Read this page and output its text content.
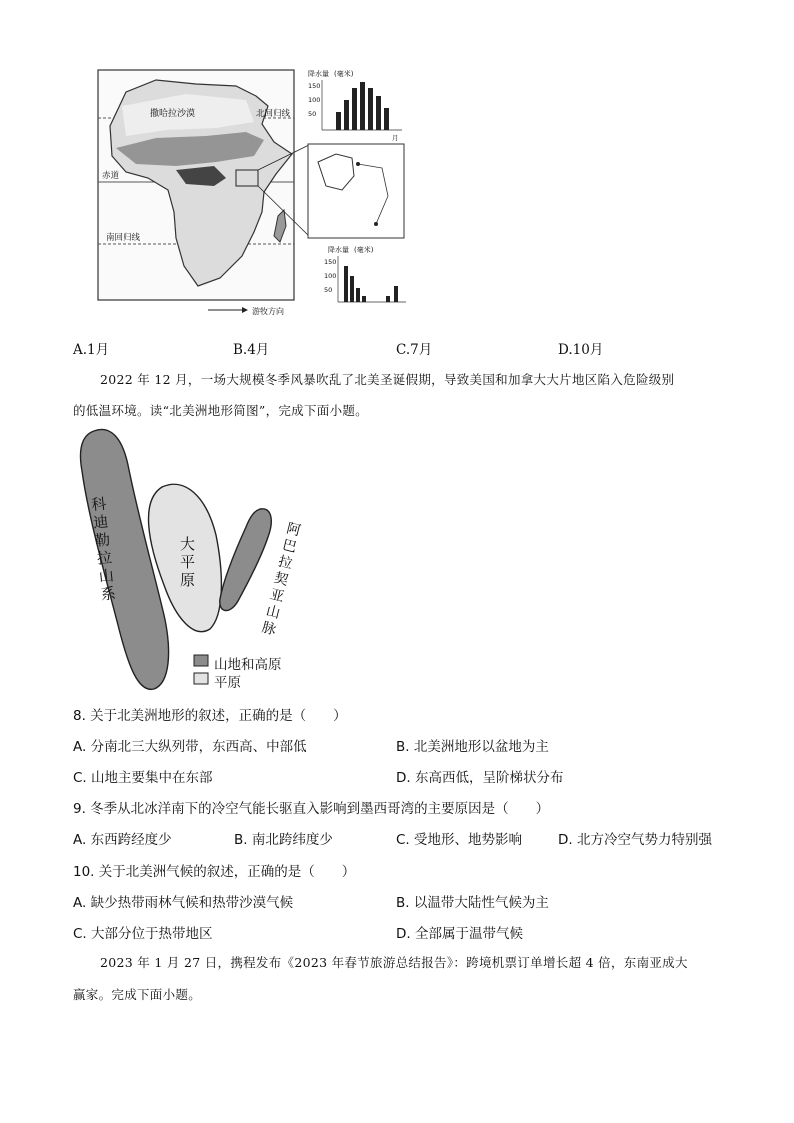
撒哈拉沙漠	北回归线
赤道
南回归线
降水量 (毫米)
150
100
50
月
降水量 (毫米)
150
100
50
游牧方向
A.1月	B.4月	C.7月	D.10月
2022 年 12 月，一场大规模冬季风暴吹乱了北美圣诞假期，导致美国和加拿大大片地区陷入危险级别
的低温环境。读“北美洲地形简图”，完成下面小题。
科迪勒拉山系
大平原
阿巴拉契亚山脉
山地和高原
平原
8. 关于北美洲地形的叙述，正确的是（　　）
A. 分南北三大纵列带，东西高、中部低	B. 北美洲地形以盆地为主
C. 山地主要集中在东部	D. 东高西低，呈阶梯状分布
9. 冬季从北冰洋南下的冷空气能长驱直入影响到墨西哥湾的主要原因是（　　）
A. 东西跨经度少	B. 南北跨纬度少	C. 受地形、地势影响	D. 北方冷空气势力特别强
10. 关于北美洲气候的叙述，正确的是（　　）
A. 缺少热带雨林气候和热带沙漠气候	B. 以温带大陆性气候为主
C. 大部分位于热带地区	D. 全部属于温带气候
2023 年 1 月 27 日，携程发布《2023 年春节旅游总结报告》：跨境机票订单增长超 4 倍，东南亚成大
赢家。完成下面小题。
